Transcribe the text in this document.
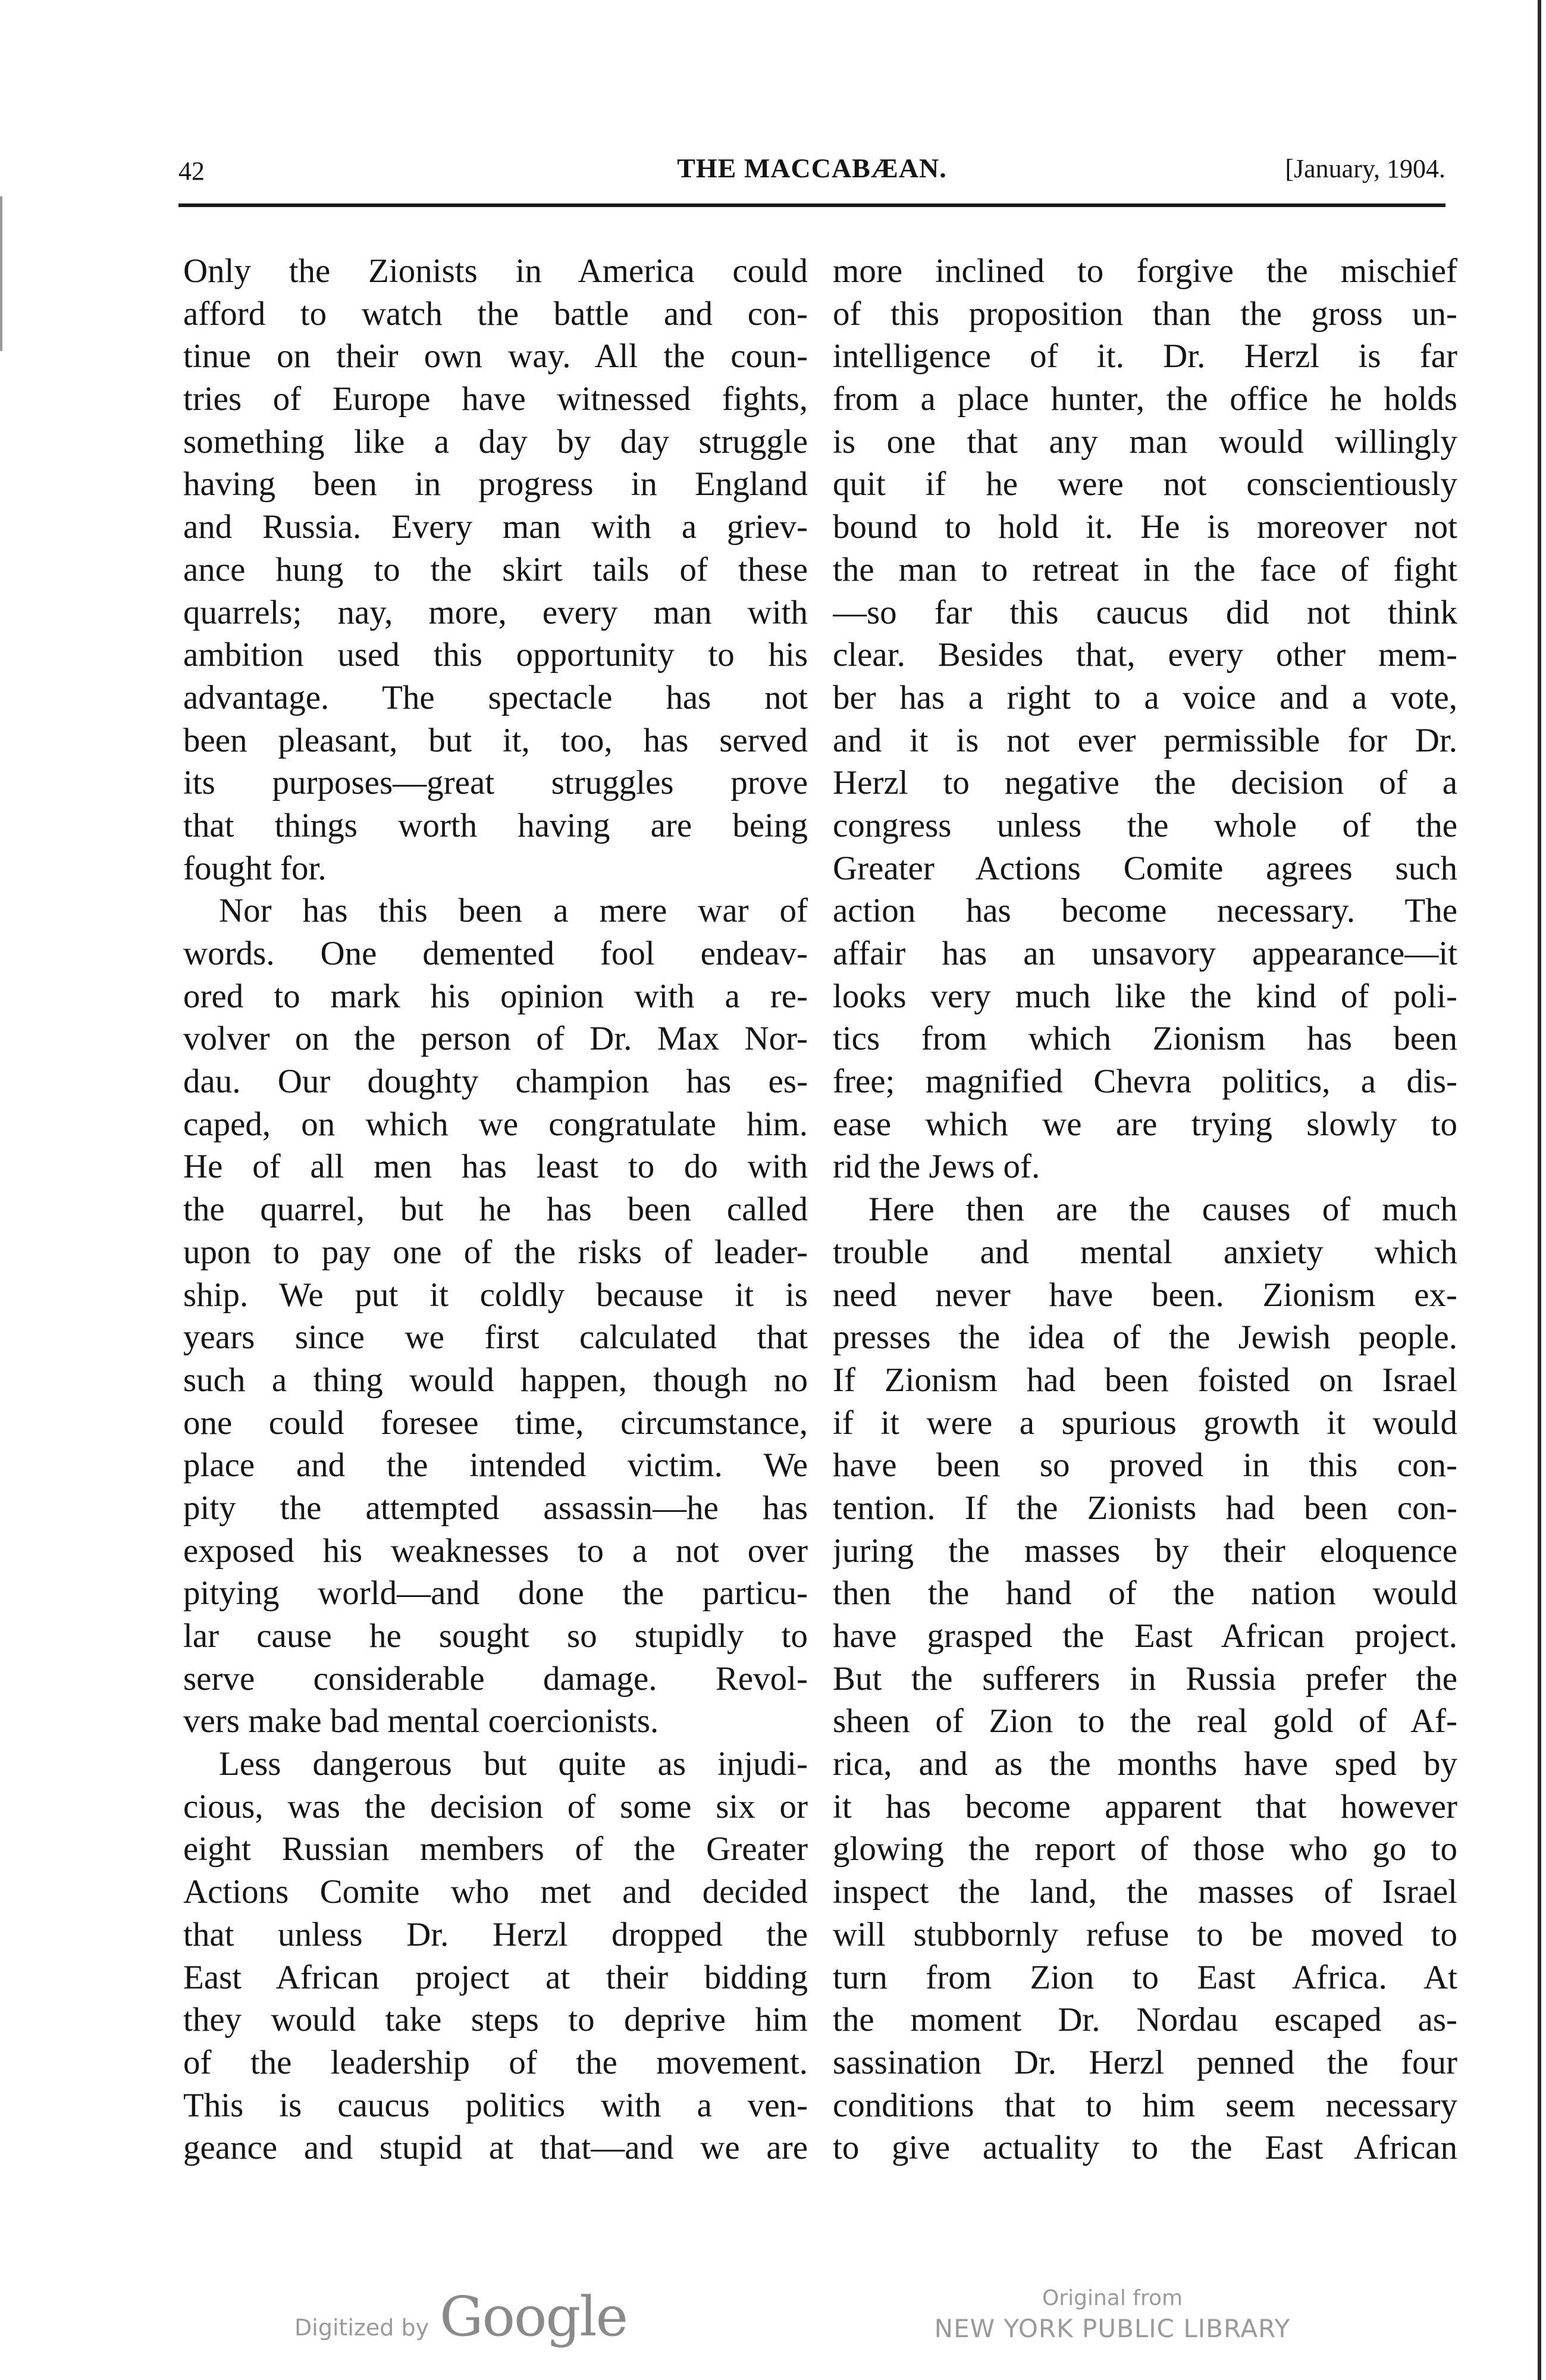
42	THE MACCABÆAN.	[January, 1904.
Only the Zionists in America could
afford to watch the battle and con-
tinue on their own way. All the coun-
tries of Europe have witnessed fights,
something like a day by day struggle
having been in progress in England
and Russia. Every man with a griev-
ance hung to the skirt tails of these
quarrels; nay, more, every man with
ambition used this opportunity to his
advantage. The spectacle has not
been pleasant, but it, too, has served
its purposes—great struggles prove
that things worth having are being
fought for.
Nor has this been a mere war of
words. One demented fool endeav-
ored to mark his opinion with a re-
volver on the person of Dr. Max Nor-
dau. Our doughty champion has es-
caped, on which we congratulate him.
He of all men has least to do with
the quarrel, but he has been called
upon to pay one of the risks of leader-
ship. We put it coldly because it is
years since we first calculated that
such a thing would happen, though no
one could foresee time, circumstance,
place and the intended victim. We
pity the attempted assassin—he has
exposed his weaknesses to a not over
pitying world—and done the particu-
lar cause he sought so stupidly to
serve considerable damage. Revol-
vers make bad mental coercionists.
Less dangerous but quite as injudi-
cious, was the decision of some six or
eight Russian members of the Greater
Actions Comite who met and decided
that unless Dr. Herzl dropped the
East African project at their bidding
they would take steps to deprive him
of the leadership of the movement.
This is caucus politics with a ven-
geance and stupid at that—and we are
more inclined to forgive the mischief
of this proposition than the gross un-
intelligence of it. Dr. Herzl is far
from a place hunter, the office he holds
is one that any man would willingly
quit if he were not conscientiously
bound to hold it. He is moreover not
the man to retreat in the face of fight
—so far this caucus did not think
clear. Besides that, every other mem-
ber has a right to a voice and a vote,
and it is not ever permissible for Dr.
Herzl to negative the decision of a
congress unless the whole of the
Greater Actions Comite agrees such
action has become necessary. The
affair has an unsavory appearance—it
looks very much like the kind of poli-
tics from which Zionism has been
free; magnified Chevra politics, a dis-
ease which we are trying slowly to
rid the Jews of.
Here then are the causes of much
trouble and mental anxiety which
need never have been. Zionism ex-
presses the idea of the Jewish people.
If Zionism had been foisted on Israel
if it were a spurious growth it would
have been so proved in this con-
tention. If the Zionists had been con-
juring the masses by their eloquence
then the hand of the nation would
have grasped the East African project.
But the sufferers in Russia prefer the
sheen of Zion to the real gold of Af-
rica, and as the months have sped by
it has become apparent that however
glowing the report of those who go to
inspect the land, the masses of Israel
will stubbornly refuse to be moved to
turn from Zion to East Africa. At
the moment Dr. Nordau escaped as-
sassination Dr. Herzl penned the four
conditions that to him seem necessary
to give actuality to the East African
Digitized by Google	Original from
NEW YORK PUBLIC LIBRARY
